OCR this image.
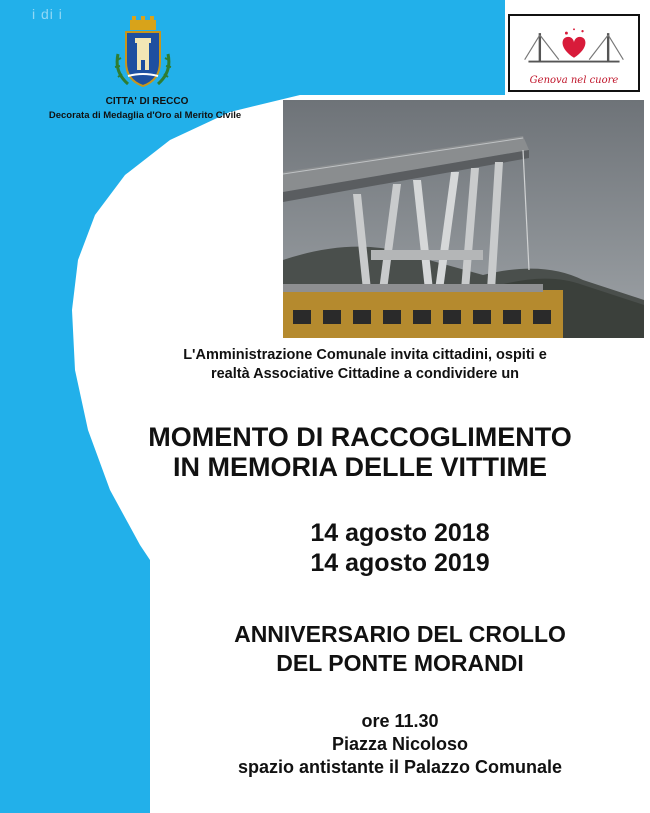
i di i
CITTA' DI RECCO
Decorata di Medaglia d'Oro al Merito Civile
Genova nel cuore
L'Amministrazione Comunale invita cittadini, ospiti e
realtà Associative Cittadine a condividere un
MOMENTO DI RACCOGLIMENTO
IN MEMORIA DELLE VITTIME
14 agosto 2018
14 agosto 2019
ANNIVERSARIO DEL CROLLO
DEL PONTE MORANDI
ore 11.30
Piazza Nicoloso
spazio antistante il Palazzo Comunale
